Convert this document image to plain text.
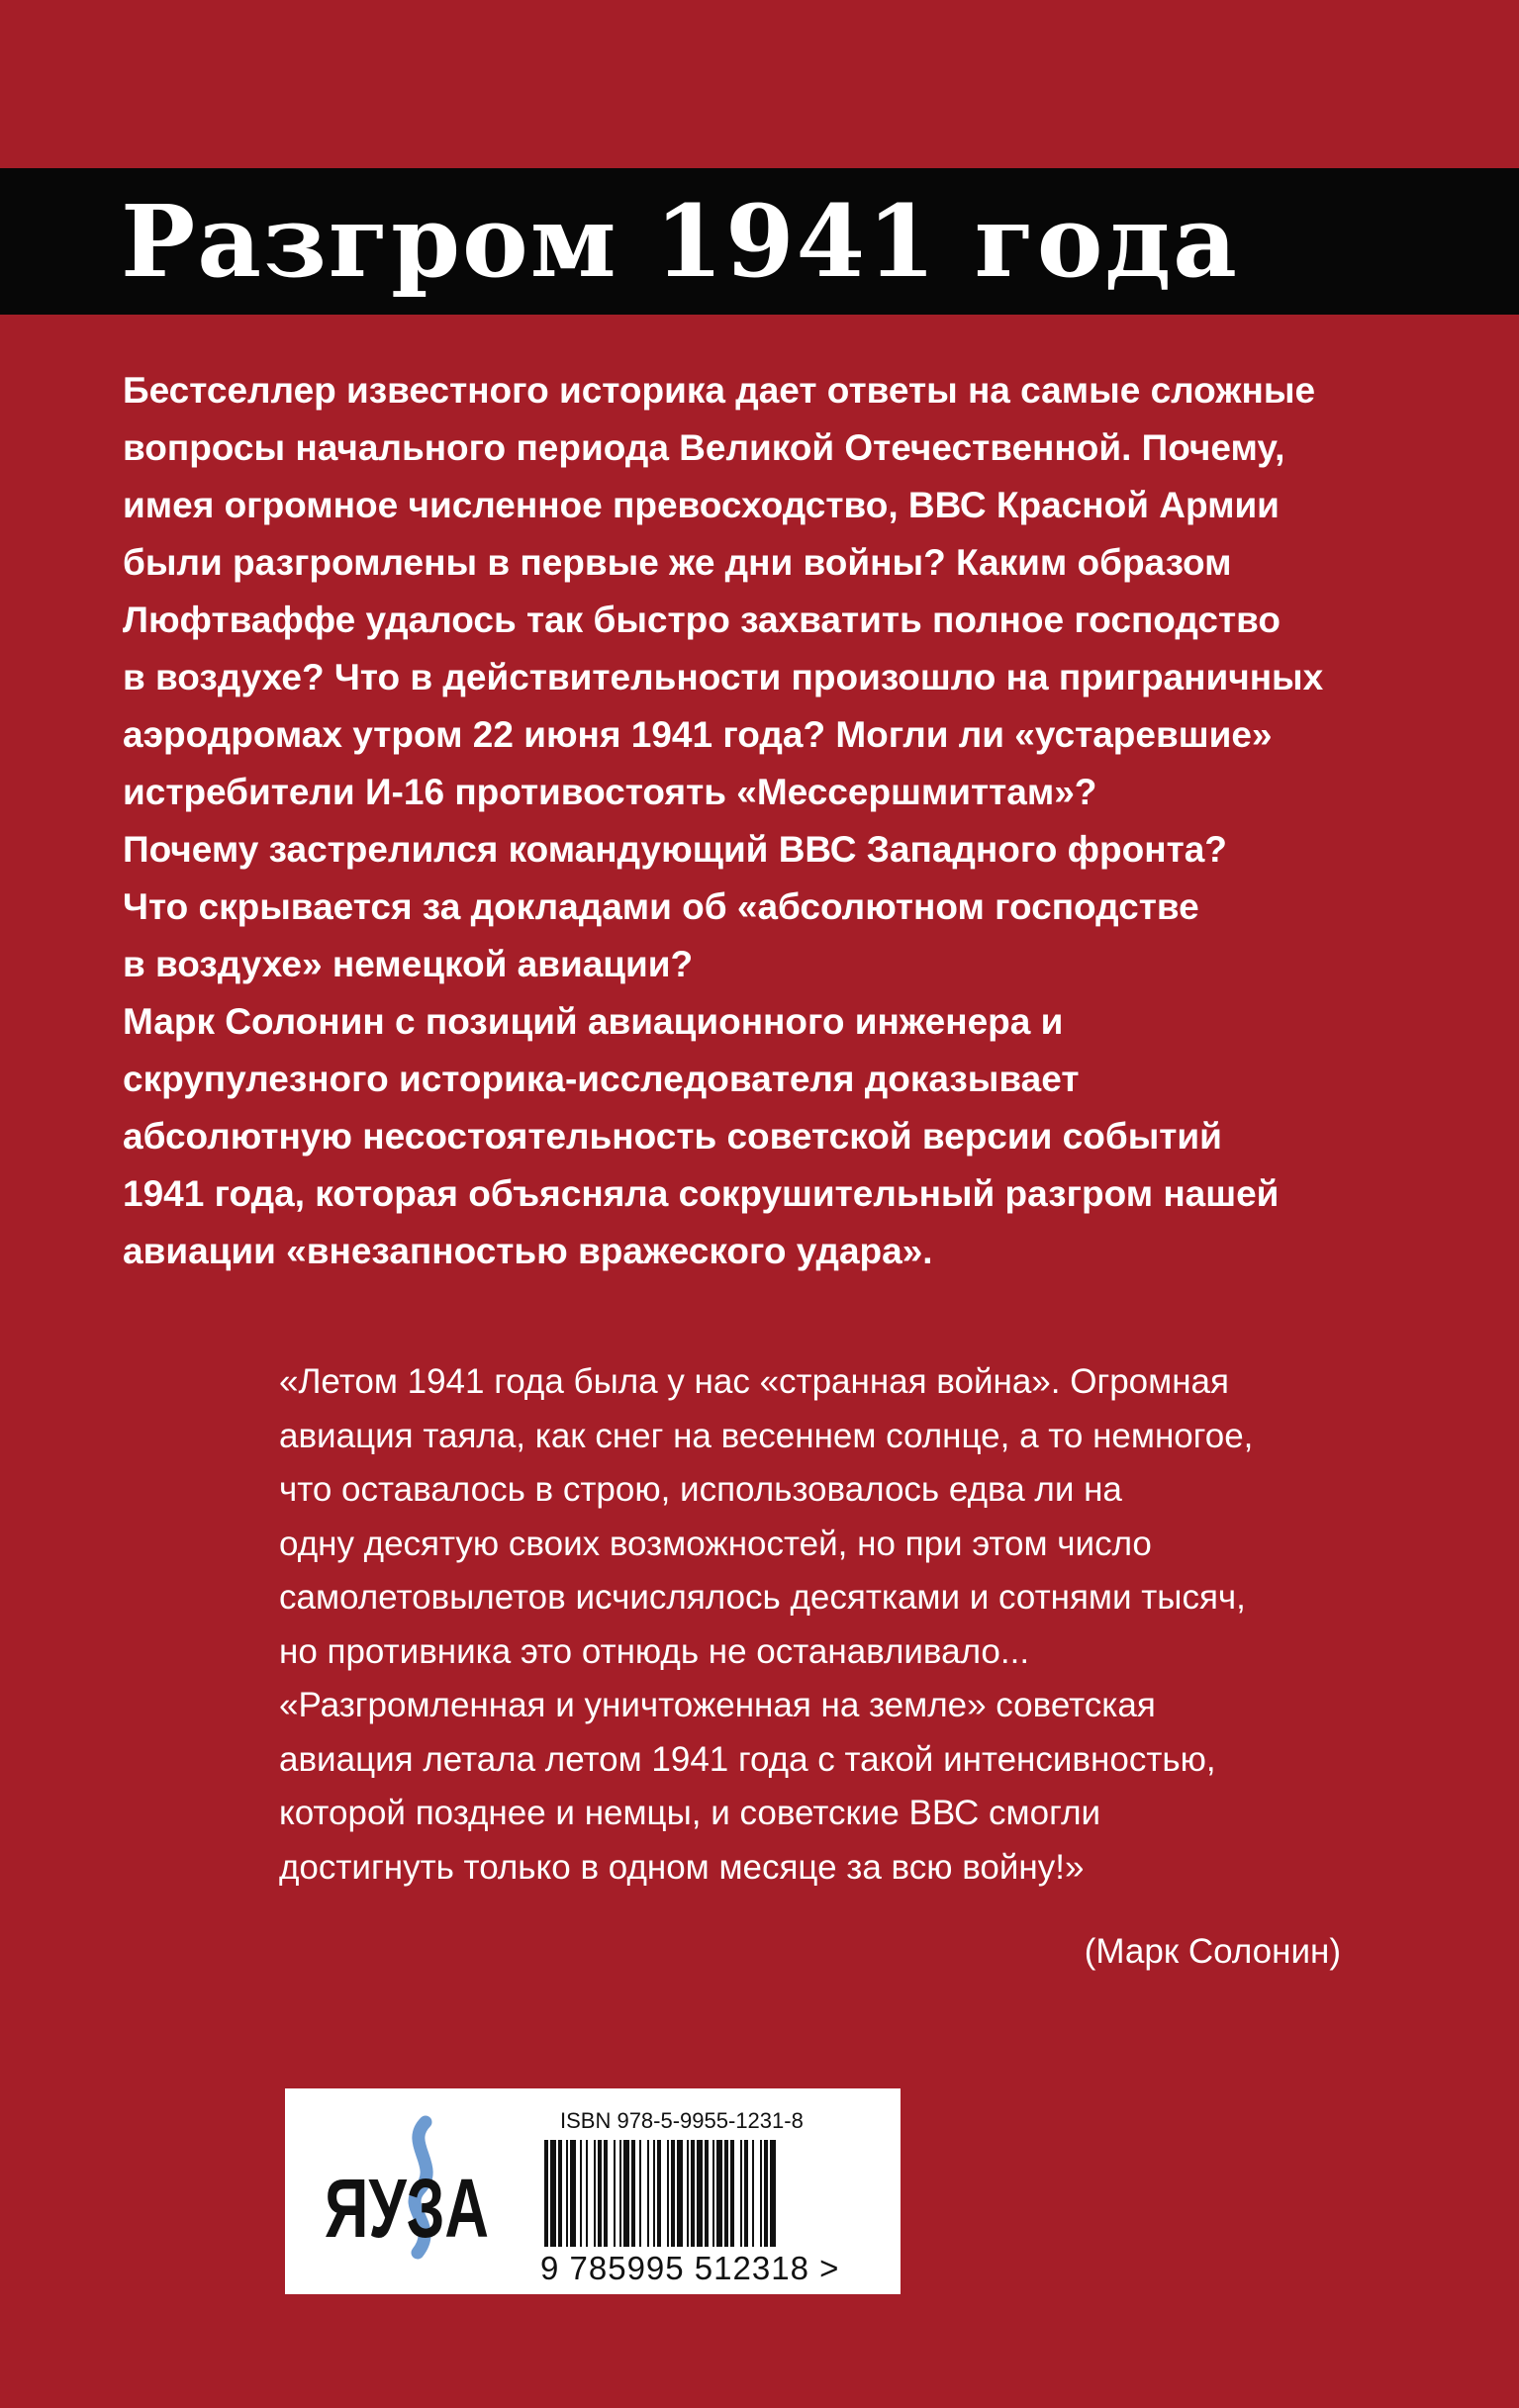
Разгром 1941 года

Бестселлер известного историка дает ответы на самые сложные

вопросы начального периода Великой Отечественной. Почему,

имея огромное численное превосходство, ВВС Красной Армии

были разгромлены в первые же дни войны? Каким образом

Люфтваффе удалось так быстро захватить полное господство

в воздухе? Что в действительности произошло на приграничных

аэродромах утром 22 июня 1941 года? Могли ли «устаревшие»

истребители И-16 противостоять «Мессершмиттам»?

Почему застрелился командующий ВВС Западного фронта?

Что скрывается за докладами об «абсолютном господстве

в воздухе» немецкой авиации?

Марк Солонин с позиций авиационного инженера и

скрупулезного историка-исследователя доказывает

абсолютную несостоятельность советской версии событий

1941 года, которая объясняла сокрушительный разгром нашей

авиации «внезапностью вражеского удара».

«Летом 1941 года была у нас «странная война». Огромная

авиация таяла, как снег на весеннем солнце, а то немногое,

что оставалось в строю, использовалось едва ли на

одну десятую своих возможностей, но при этом число

самолетовылетов исчислялось десятками и сотнями тысяч,

но противника это отнюдь не останавливало...

«Разгромленная и уничтоженная на земле» советская

авиация летала летом 1941 года с такой интенсивностью,

которой позднее и немцы, и советские ВВС смогли

достигнуть только в одном месяце за всю войну!»

(Марк Солонин)
ЯУЗА
ISBN 978-5-9955-1231-8
9 785995 512318 >
